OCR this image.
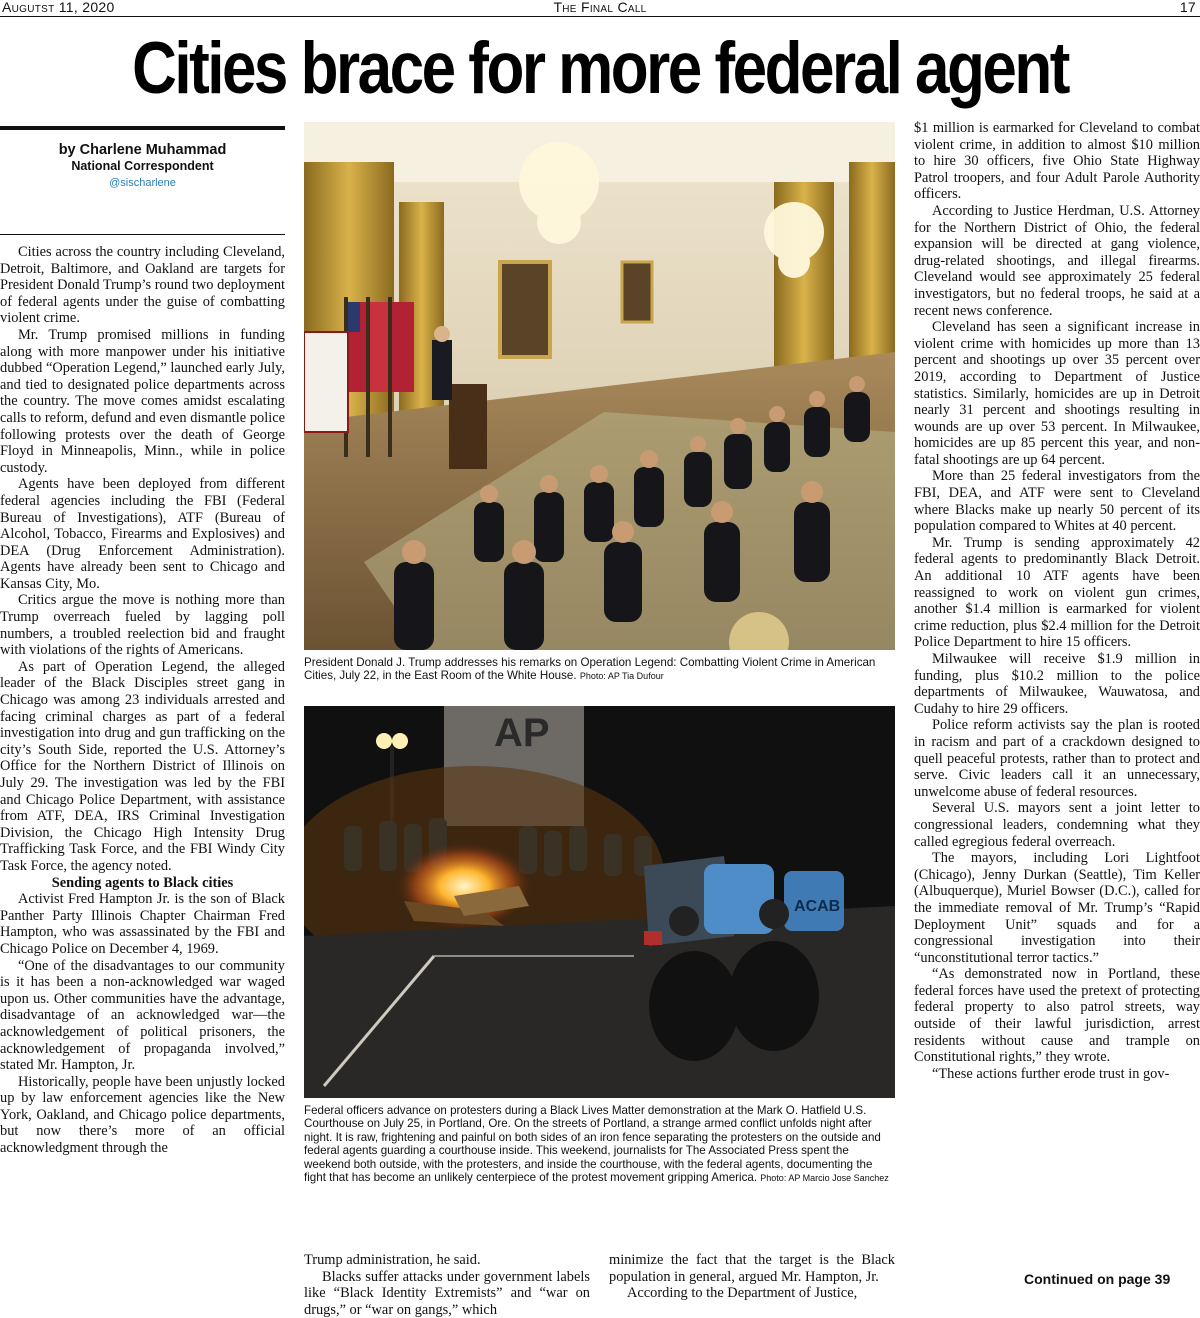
Augutst 11, 2020	The Final Call	17
Cities brace for more federal agent
by Charlene Muhammad
National Correspondent
@sischarlene

Cities across the country including Cleveland, Detroit, Baltimore, and Oakland are targets for President Donald Trump’s round two deployment of federal agents under the guise of combatting violent crime.

Mr. Trump promised millions in funding along with more manpower under his initiative dubbed “Operation Legend,” launched early July, and tied to designated police departments across the country. The move comes amidst escalating calls to reform, defund and even dismantle police following protests over the death of George Floyd in Minneapolis, Minn., while in police custody.

Agents have been deployed from different federal agencies including the FBI (Federal Bureau of Investigations), ATF (Bureau of Alcohol, Tobacco, Firearms and Explosives) and DEA (Drug Enforcement Administration). Agents have already been sent to Chicago and Kansas City, Mo.

Critics argue the move is nothing more than Trump overreach fueled by lagging poll numbers, a troubled reelection bid and fraught with violations of the rights of Americans.

As part of Operation Legend, the alleged leader of the Black Disciples street gang in Chicago was among 23 individuals arrested and facing criminal charges as part of a federal investigation into drug and gun trafficking on the city’s South Side, reported the U.S. Attorney’s Office for the Northern District of Illinois on July 29. The investigation was led by the FBI and Chicago Police Department, with assistance from ATF, DEA, IRS Criminal Investigation Division, the Chicago High Intensity Drug Trafficking Task Force, and the FBI Windy City Task Force, the agency noted.

Sending agents to Black cities

Activist Fred Hampton Jr. is the son of Black Panther Party Illinois Chapter Chairman Fred Hampton, who was assassinated by the FBI and Chicago Police on December 4, 1969.

“One of the disadvantages to our community is it has been a non-acknowledged war waged upon us. Other communities have the advantage, disadvantage of an acknowledged war—the acknowledgement of political prisoners, the acknowledgement of propaganda involved,” stated Mr. Hampton, Jr.

Historically, people have been unjustly locked up by law enforcement agencies like the New York, Oakland, and Chicago police departments, but now there’s more of an official acknowledgment through the

President Donald J. Trump addresses his remarks on Operation Legend: Combatting Violent Crime in American Cities, July 22, in the East Room of the White House. Photo: AP Tia Dufour
AP
ACAB
Federal officers advance on protesters during a Black Lives Matter demonstration at the Mark O. Hatfield U.S. Courthouse on July 25, in Portland, Ore. On the streets of Portland, a strange armed conflict unfolds night after night. It is raw, frightening and painful on both sides of an iron fence separating the protesters on the outside and federal agents guarding a courthouse inside. This weekend, journalists for The Associated Press spent the weekend both outside, with the protesters, and inside the courthouse, with the federal agents, documenting the fight that has become an unlikely centerpiece of the protest movement gripping America. Photo: AP Marcio Jose Sanchez

Trump administration, he said.

Blacks suffer attacks under government labels like “Black Identity Extremists” and “war on drugs,” or “war on gangs,” which

minimize the fact that the target is the Black population in general, argued Mr. Hampton, Jr.

According to the Department of Justice,

$1 million is earmarked for Cleveland to combat violent crime, in addition to almost $10 million to hire 30 officers, five Ohio State Highway Patrol troopers, and four Adult Parole Authority officers.

According to Justice Herdman, U.S. Attorney for the Northern District of Ohio, the federal expansion will be directed at gang violence, drug-related shootings, and illegal firearms. Cleveland would see approximately 25 federal investigators, but no federal troops, he said at a recent news conference.

Cleveland has seen a significant increase in violent crime with homicides up more than 13 percent and shootings up over 35 percent over 2019, according to Department of Justice statistics. Similarly, homicides are up in Detroit nearly 31 percent and shootings resulting in wounds are up over 53 percent. In Milwaukee, homicides are up 85 percent this year, and non-fatal shootings are up 64 percent.

More than 25 federal investigators from the FBI, DEA, and ATF were sent to Cleveland where Blacks make up nearly 50 percent of its population compared to Whites at 40 percent.

Mr. Trump is sending approximately 42 federal agents to predominantly Black Detroit. An additional 10 ATF agents have been reassigned to work on violent gun crimes, another $1.4 million is earmarked for violent crime reduction, plus $2.4 million for the Detroit Police Department to hire 15 officers.

Milwaukee will receive $1.9 million in funding, plus $10.2 million to the police departments of Milwaukee, Wauwatosa, and Cudahy to hire 29 officers.

Police reform activists say the plan is rooted in racism and part of a crackdown designed to quell peaceful protests, rather than to protect and serve. Civic leaders call it an unnecessary, unwelcome abuse of federal resources.

Several U.S. mayors sent a joint letter to congressional leaders, condemning what they called egregious federal overreach.

The mayors, including Lori Lightfoot (Chicago), Jenny Durkan (Seattle), Tim Keller (Albuquerque), Muriel Bowser (D.C.), called for the immediate removal of Mr. Trump’s “Rapid Deployment Unit” squads and for a congressional investigation into their “unconstitutional terror tactics.”

“As demonstrated now in Portland, these federal forces have used the pretext of protecting federal property to also patrol streets, way outside of their lawful jurisdiction, arrest residents without cause and trample on Constitutional rights,” they wrote.

“These actions further erode trust in gov-

Continued on page 39
